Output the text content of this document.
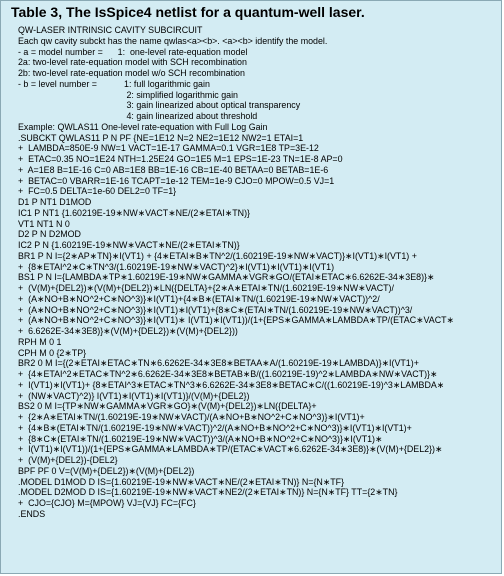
Table 3, The IsSpice4 netlist for a quantum-well laser.
QW-LASER INTRINSIC CAVITY SUBCIRCUIT
Each qw cavity subckt has the name qwlas<a><b>. <a><b> identify the model.
- a = model number =      1:  one-level rate-equation model
2a: two-level rate-equation model with SCH recombination
2b: two-level rate-equation model w/o SCH recombination
- b = level number =           1: full logarithmic gain
2: simplified logarithmic gain
3: gain linearized about optical transparency
4: gain linearized about threshold
Example: QWLAS11 One-level rate-equation with Full Log Gain
.SUBCKT QWLAS11 P N PF {NE=1E12 N=2 NE2=1E12 NW2=1 ETAI=1
+  LAMBDA=850E-9 NW=1 VACT=1E-17 GAMMA=0.1 VGR=1E8 TP=3E-12
+  ETAC=0.35 NO=1E24 NTH=1.25E24 GO=1E5 M=1 EPS=1E-23 TN=1E-8 AP=0
+  A=1E8 B=1E-16 C=0 AB=1E8 BB=1E-16 CB=1E-40 BETAA=0 BETAB=1E-6
+  BETAC=0 VBARR=1E-16 TCAPT=1e-12 TEM=1e-9 CJO=0 MPOW=0.5 VJ=1
+  FC=0.5 DELTA=1e-60 DEL2=0 TF=1}
D1 P NT1 D1MOD
IC1 P NT1 {1.60219E-19∗NW∗VACT∗NE/(2∗ETAI∗TN)}
VT1 NT1 N 0
D2 P N D2MOD
IC2 P N {1.60219E-19∗NW∗VACT∗NE/(2∗ETAI∗TN)}
BR1 P N I={2∗AP∗TN}∗I(VT1) + {4∗ETAI∗B∗TN^2/(1.60219E-19∗NW∗VACT)}∗I(VT1)∗I(VT1) +
+  {8∗ETAI^2∗C∗TN^3/(1.60219E-19∗NW∗VACT)^2}∗I(VT1)∗I(VT1)∗I(VT1)
BS1 P N I={LAMBDA∗TP∗1.60219E-19∗NW∗GAMMA∗VGR∗GO/(ETAI∗ETAC∗6.6262E-34∗3E8)}∗
+  (V(M)+{DEL2})∗(V(M)+{DEL2})∗LN({DELTA}+{2∗A∗ETAI∗TN/(1.60219E-19∗NW∗VACT)/
+  (A∗NO+B∗NO^2+C∗NO^3)}∗I(VT1)+{4∗B∗(ETAI∗TN/(1.60219E-19∗NW∗VACT))^2/
+  (A∗NO+B∗NO^2+C∗NO^3)}∗I(VT1)∗I(VT1)+{8∗C∗(ETAI∗TN/(1.60219E-19∗NW∗VACT))^3/
+  (A∗NO+B∗NO^2+C∗NO^3)}∗I(VT1)∗ I(VT1)∗I(VT1))/(1+{EPS∗GAMMA∗LAMBDA∗TP/(ETAC∗VACT∗
+  6.6262E-34∗3E8)}∗(V(M)+{DEL2})∗(V(M)+{DEL2}))
RPH M 0 1
CPH M 0 {2∗TP}
BR2 0 M I={(2∗ETAI∗ETAC∗TN∗6.6262E-34∗3E8∗BETAA∗A/(1.60219E-19∗LAMBDA)}∗I(VT1)+
+  {4∗ETAI^2∗ETAC∗TN^2∗6.6262E-34∗3E8∗BETAB∗B/((1.60219E-19)^2∗LAMBDA∗NW∗VACT)}∗
+  I(VT1)∗I(VT1)+ {8∗ETAI^3∗ETAC∗TN^3∗6.6262E-34∗3E8∗BETAC∗C/((1.60219E-19)^3∗LAMBDA∗
+  (NW∗VACT)^2)} I(VT1)∗I(VT1)∗I(VT1)}/(V(M)+{DEL2})
BS2 0 M I={TP∗NW∗GAMMA∗VGR∗GO}∗(V(M)+{DEL2})∗LN({DELTA}+
+  {2∗A∗ETAI∗TN/(1.60219E-19∗NW∗VACT)/(A∗NO+B∗NO^2+C∗NO^3)}∗I(VT1)+
+  {4∗B∗(ETAI∗TN/(1.60219E-19∗NW∗VACT))^2/(A∗NO+B∗NO^2+C∗NO^3)}∗I(VT1)∗I(VT1)+
+  {8∗C∗(ETAI∗TN/(1.60219E-19∗NW∗VACT))^3/(A∗NO+B∗NO^2+C∗NO^3)}∗I(VT1)∗
+  I(VT1)∗I(VT1))/(1+{EPS∗GAMMA∗LAMBDA∗TP/(ETAC∗VACT∗6.6262E-34∗3E8)}∗(V(M)+{DEL2})∗
+  (V(M)+{DEL2})-{DEL2}
BPF PF 0 V=(V(M)+{DEL2})∗(V(M)+{DEL2})
.MODEL D1MOD D IS={1.60219E-19∗NW∗VACT∗NE/(2∗ETAI∗TN)} N={N∗TF}
.MODEL D2MOD D IS={1.60219E-19∗NW∗VACT∗NE2/(2∗ETAI∗TN)} N={N∗TF} TT={2∗TN}
+  CJO={CJO} M={MPOW} VJ={VJ} FC={FC}
.ENDS
